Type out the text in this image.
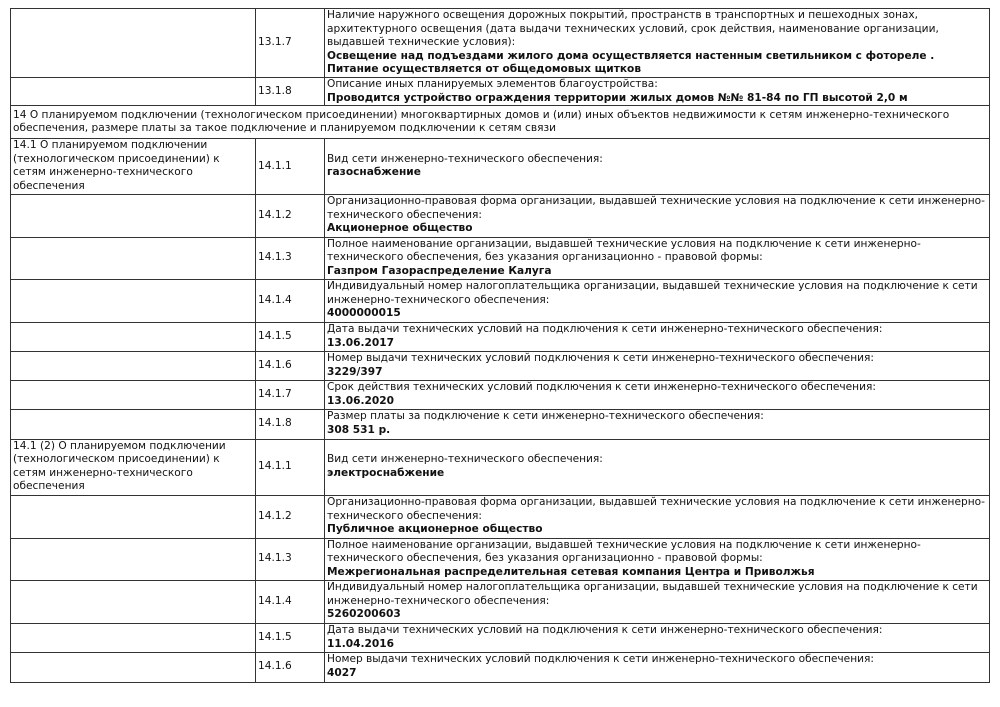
	13.1.7	Наличие наружного освещения дорожных покрытий, пространств в транспортных и пешеходных зонах, архитектурного освещения (дата выдачи технических условий, срок действия, наименование организации, выдавшей технические условия):
Освещение над подъездами жилого дома осуществляется настенным светильником с фотореле . Питание осуществляется от общедомовых щитков

	13.1.8	Описание иных планируемых элементов благоустройства:
Проводится устройство ограждения территории жилых домов №№ 81-84 по ГП высотой 2,0 м

14 О планируемом подключении (технологическом присоединении) многоквартирных домов и (или) иных объектов недвижимости к сетям инженерно-технического обеспечения, размере платы за такое подключение и планируемом подключении к сетям связи		
14.1 О планируемом подключении (технологическом присоединении) к сетям инженерно-технического обеспечения	14.1.1	Вид сети инженерно-технического обеспечения:
газоснабжение

	14.1.2	Организационно-правовая форма организации, выдавшей технические условия на подключение к сети инженерно-технического обеспечения:
Акционерное общество

	14.1.3	Полное наименование организации, выдавшей технические условия на подключение к сети инженерно-технического обеспечения, без указания организационно - правовой формы:
Газпром Газораспределение Калуга

	14.1.4	Индивидуальный номер налогоплательщика организации, выдавшей технические условия на подключение к сети инженерно-технического обеспечения:
4000000015

	14.1.5	Дата выдачи технических условий на подключения к сети инженерно-технического обеспечения:
13.06.2017

	14.1.6	Номер выдачи технических условий подключения к сети инженерно-технического обеспечения:
3229/397

	14.1.7	Срок действия технических условий подключения к сети инженерно-технического обеспечения:
13.06.2020

	14.1.8	Размер платы за подключение к сети инженерно-технического обеспечения:
308 531 р.

14.1 (2) О планируемом подключении (технологическом присоединении) к сетям инженерно-технического обеспечения	14.1.1	Вид сети инженерно-технического обеспечения:
электроснабжение

	14.1.2	Организационно-правовая форма организации, выдавшей технические условия на подключение к сети инженерно-технического обеспечения:
Публичное акционерное общество

	14.1.3	Полное наименование организации, выдавшей технические условия на подключение к сети инженерно-технического обеспечения, без указания организационно - правовой формы:
Межрегиональная распределительная сетевая компания Центра и Приволжья

	14.1.4	Индивидуальный номер налогоплательщика организации, выдавшей технические условия на подключение к сети инженерно-технического обеспечения:
5260200603

	14.1.5	Дата выдачи технических условий на подключения к сети инженерно-технического обеспечения:
11.04.2016

	14.1.6	Номер выдачи технических условий подключения к сети инженерно-технического обеспечения:
4027
